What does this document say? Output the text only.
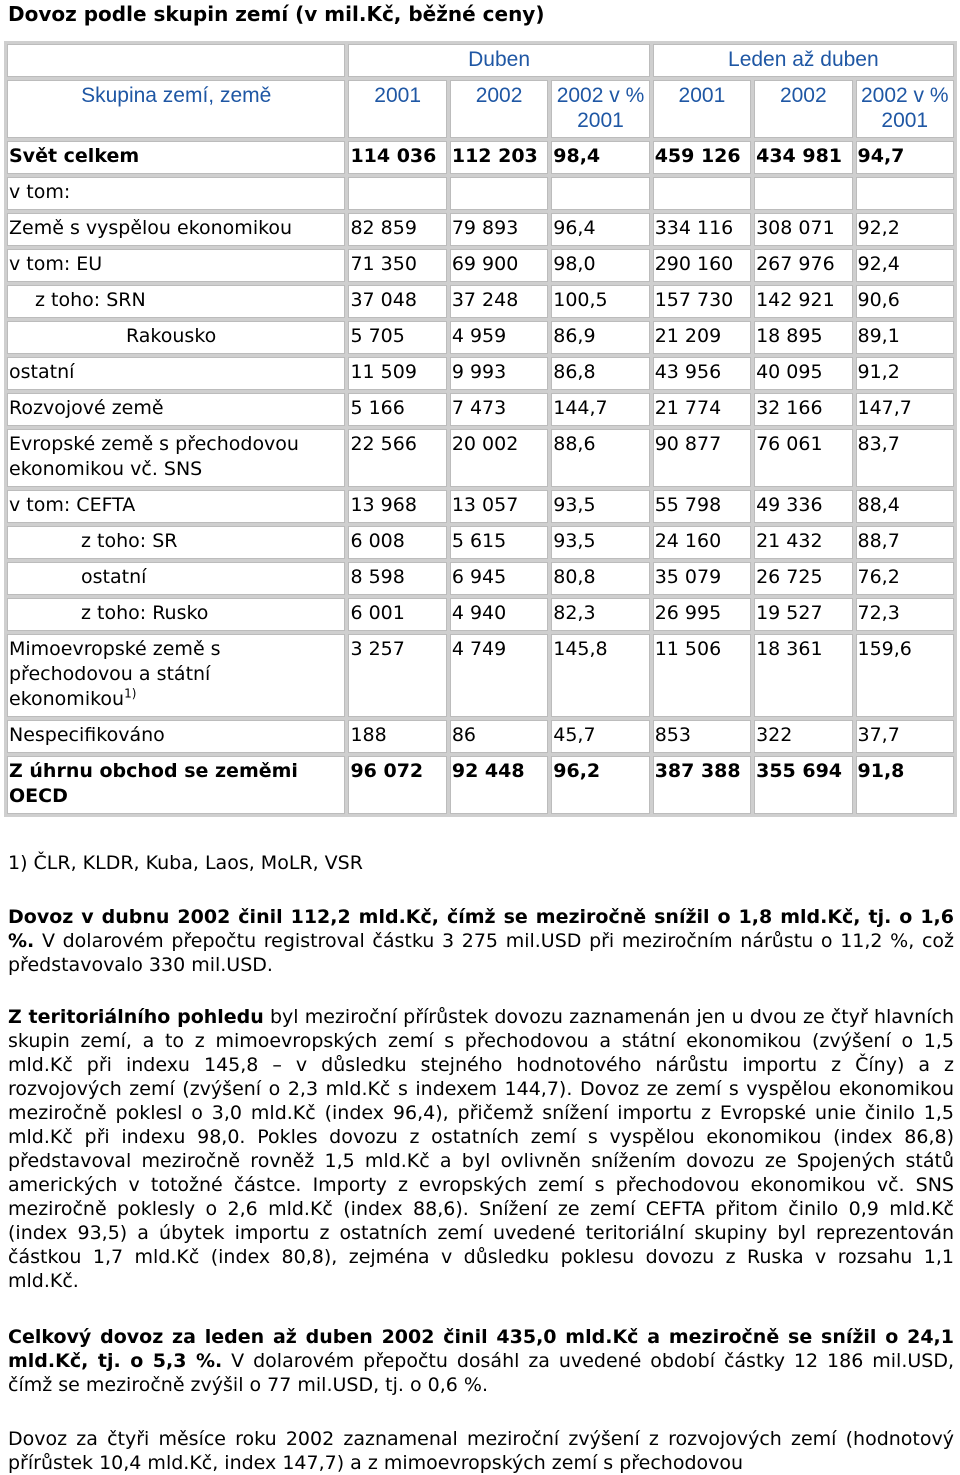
Dovoz podle skupin zemí (v mil.Kč, běžné ceny)
	Duben			Leden až duben		
Skupina zemí, země	2001	2002	2002 v % 2001	2001	2002	2002 v % 2001
Svět celkem	114 036	112 203	98,4	459 126	434 981	94,7
v tom:						
Země s vyspělou ekonomikou	82 859	79 893	96,4	334 116	308 071	92,2
v tom: EU	71 350	69 900	98,0	290 160	267 976	92,4
z toho: SRN	37 048	37 248	100,5	157 730	142 921	90,6
Rakousko	5 705	4 959	86,9	21 209	18 895	89,1
ostatní	11 509	9 993	86,8	43 956	40 095	91,2
Rozvojové země	5 166	7 473	144,7	21 774	32 166	147,7
Evropské země s přechodovou ekonomikou vč. SNS	22 566	20 002	88,6	90 877	76 061	83,7
v tom: CEFTA	13 968	13 057	93,5	55 798	49 336	88,4
z toho: SR	6 008	5 615	93,5	24 160	21 432	88,7
ostatní	8 598	6 945	80,8	35 079	26 725	76,2
z toho: Rusko	6 001	4 940	82,3	26 995	19 527	72,3
Mimoevropské země s přechodovou a státní ekonomikou$^{1)}$	3 257	4 749	145,8	11 506	18 361	159,6
Nespecifikováno	188	86	45,7	853	322	37,7
Z úhrnu obchod se zeměmi OECD	96 072	92 448	96,2	387 388	355 694	91,8

1) ČLR, KLDR, Kuba, Laos, MoLR, VSR

Dovoz v dubnu 2002 činil 112,2 mld.Kč, čímž se meziročně snížil o 1,8 mld.Kč, tj. o 1,6 %. V dolarovém přepočtu registroval částku 3 275 mil.USD při meziročním nárůstu o 11,2 %, což představovalo 330 mil.USD.

Z teritoriálního pohledu byl meziroční přírůstek dovozu zaznamenán jen u dvou ze čtyř hlavních skupin zemí, a to z mimoevropských zemí s přechodovou a státní ekonomikou (zvýšení o 1,5 mld.Kč při indexu 145,8 – v důsledku stejného hodnotového nárůstu importu z Číny) a z rozvojových zemí (zvýšení o 2,3 mld.Kč s indexem 144,7). Dovoz ze zemí s vyspělou ekonomikou meziročně poklesl o 3,0 mld.Kč (index 96,4), přičemž snížení importu z Evropské unie činilo 1,5 mld.Kč při indexu 98,0. Pokles dovozu z ostatních zemí s vyspělou ekonomikou (index 86,8) představoval meziročně rovněž 1,5 mld.Kč a byl ovlivněn snížením dovozu ze Spojených států amerických v totožné částce. Importy z evropských zemí s přechodovou ekonomikou vč. SNS meziročně poklesly o 2,6 mld.Kč (index 88,6). Snížení ze zemí CEFTA přitom činilo 0,9 mld.Kč (index 93,5) a úbytek importu z ostatních zemí uvedené teritoriální skupiny byl reprezentován částkou 1,7 mld.Kč (index 80,8), zejména v důsledku poklesu dovozu z Ruska v rozsahu 1,1 mld.Kč.

Celkový dovoz za leden až duben 2002 činil 435,0 mld.Kč a meziročně se snížil o 24,1 mld.Kč, tj. o 5,3 %. V dolarovém přepočtu dosáhl za uvedené období částky 12 186 mil.USD, čímž se meziročně zvýšil o 77 mil.USD, tj. o 0,6 %.

Dovoz za čtyři měsíce roku 2002 zaznamenal meziroční zvýšení z rozvojových zemí (hodnotový přírůstek 10,4 mld.Kč, index 147,7) a z mimoevropských zemí s přechodovou
